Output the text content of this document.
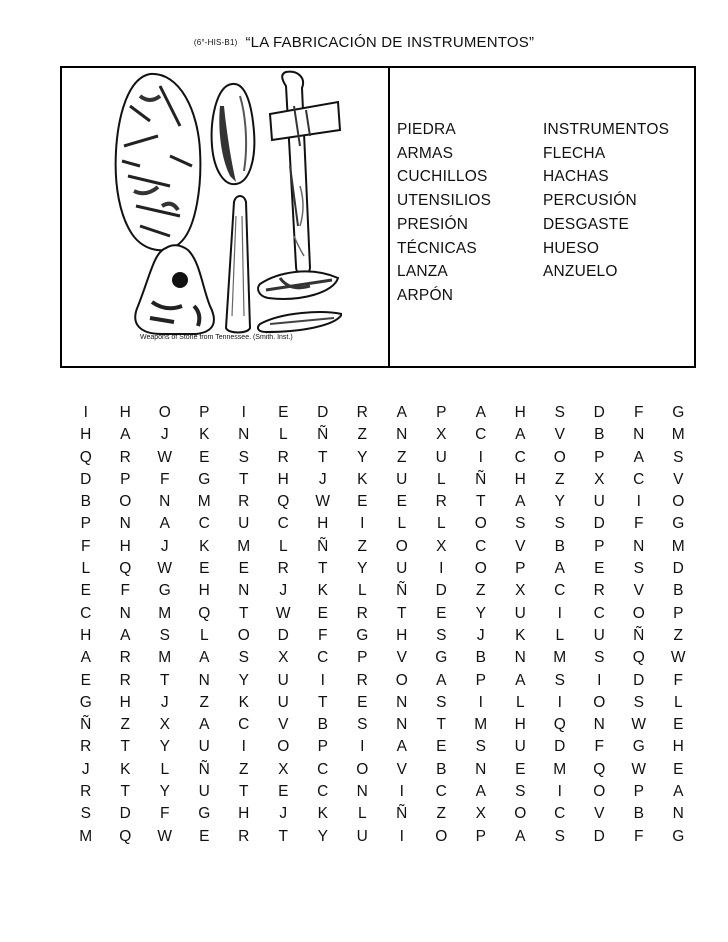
(6°-HIS-B1) “LA FABRICACIÓN DE INSTRUMENTOS”
Weapons of Stone from Tennessee. (Smith. Inst.)
PIEDRA	INSTRUMENTOS
ARMAS	FLECHA
CUCHILLOS	HACHAS
UTENSILIOS	PERCUSIÓN
PRESIÓN	DESGASTE
TÉCNICAS	HUESO
LANZA	ANZUELO
ARPÓN
I	H	O	P	I	E	D	R	A	P	A	H	S	D	F	G
H	A	J	K	N	L	Ñ	Z	N	X	C	A	V	B	N	M
Q	R	W	E	S	R	T	Y	Z	U	I	C	O	P	A	S
D	P	F	G	T	H	J	K	U	L	Ñ	H	Z	X	C	V
B	O	N	M	R	Q	W	E	E	R	T	A	Y	U	I	O
P	N	A	C	U	C	H	I	L	L	O	S	S	D	F	G
F	H	J	K	M	L	Ñ	Z	O	X	C	V	B	P	N	M
L	Q	W	E	E	R	T	Y	U	I	O	P	A	E	S	D
E	F	G	H	N	J	K	L	Ñ	D	Z	X	C	R	V	B
C	N	M	Q	T	W	E	R	T	E	Y	U	I	C	O	P
H	A	S	L	O	D	F	G	H	S	J	K	L	U	Ñ	Z
A	R	M	A	S	X	C	P	V	G	B	N	M	S	Q	W
E	R	T	N	Y	U	I	R	O	A	P	A	S	I	D	F
G	H	J	Z	K	U	T	E	N	S	I	L	I	O	S	L
Ñ	Z	X	A	C	V	B	S	N	T	M	H	Q	N	W	E
R	T	Y	U	I	O	P	I	A	E	S	U	D	F	G	H
J	K	L	Ñ	Z	X	C	O	V	B	N	E	M	Q	W	E
R	T	Y	U	T	E	C	N	I	C	A	S	I	O	P	A
S	D	F	G	H	J	K	L	Ñ	Z	X	O	C	V	B	N
M	Q	W	E	R	T	Y	U	I	O	P	A	S	D	F	G
